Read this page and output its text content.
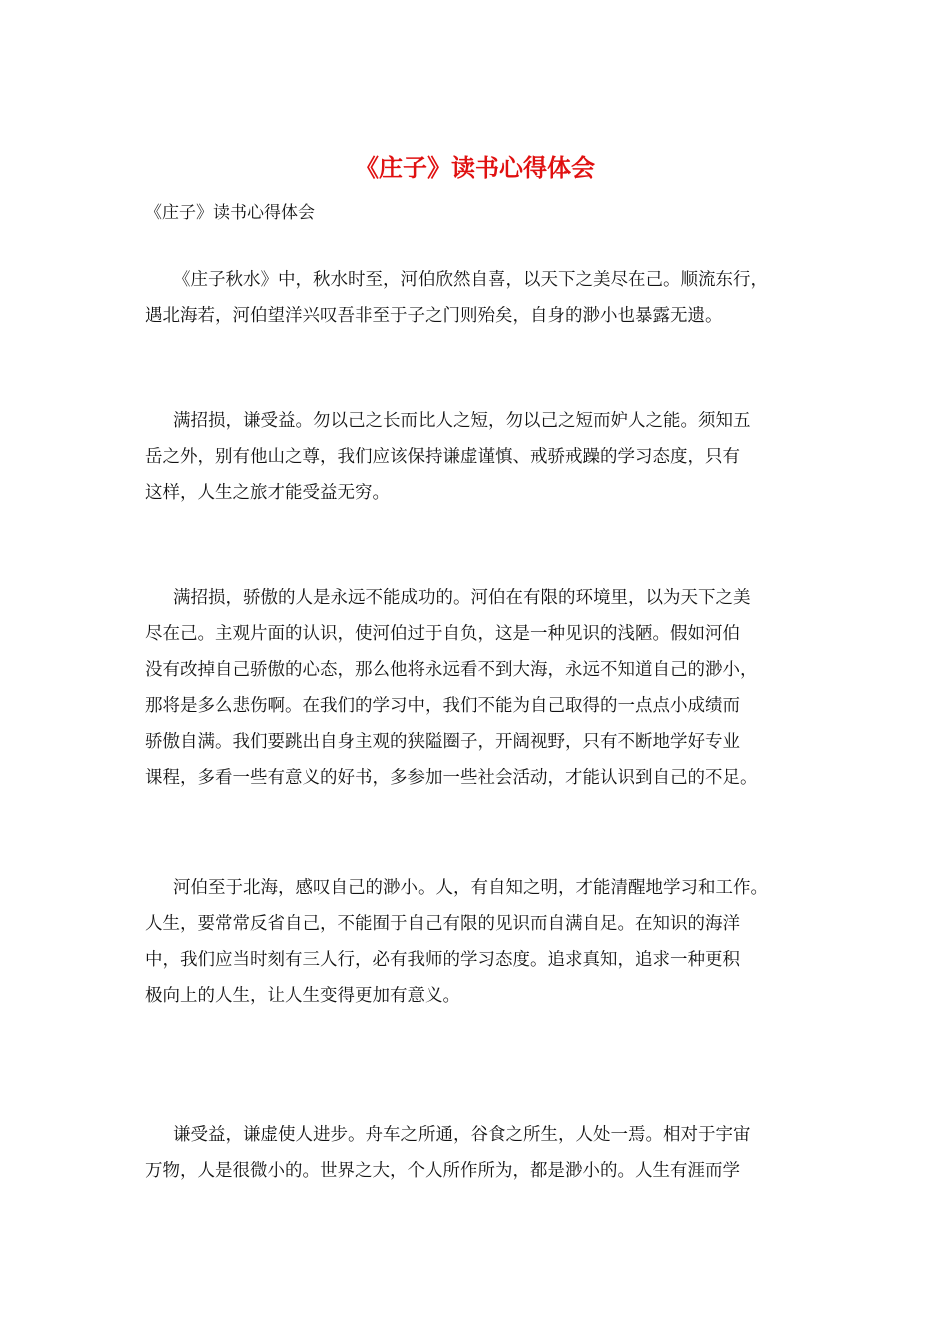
《庄子》读书心得体会
《庄子》读书心得体会
《庄子秋水》中，秋水时至，河伯欣然自喜，以天下之美尽在己。顺流东行，
遇北海若，河伯望洋兴叹吾非至于子之门则殆矣，自身的渺小也暴露无遗。
满招损，谦受益。勿以己之长而比人之短，勿以己之短而妒人之能。须知五
岳之外，别有他山之尊，我们应该保持谦虚谨慎、戒骄戒躁的学习态度，只有
这样，人生之旅才能受益无穷。
满招损，骄傲的人是永远不能成功的。河伯在有限的环境里，以为天下之美
尽在己。主观片面的认识，使河伯过于自负，这是一种见识的浅陋。假如河伯
没有改掉自己骄傲的心态，那么他将永远看不到大海，永远不知道自己的渺小，
那将是多么悲伤啊。在我们的学习中，我们不能为自己取得的一点点小成绩而
骄傲自满。我们要跳出自身主观的狭隘圈子，开阔视野，只有不断地学好专业
课程，多看一些有意义的好书，多参加一些社会活动，才能认识到自己的不足。
河伯至于北海，感叹自己的渺小。人，有自知之明，才能清醒地学习和工作。
人生，要常常反省自己，不能囿于自己有限的见识而自满自足。在知识的海洋
中，我们应当时刻有三人行，必有我师的学习态度。追求真知，追求一种更积
极向上的人生，让人生变得更加有意义。
谦受益，谦虚使人进步。舟车之所通，谷食之所生，人处一焉。相对于宇宙
万物，人是很微小的。世界之大，个人所作所为，都是渺小的。人生有涯而学
